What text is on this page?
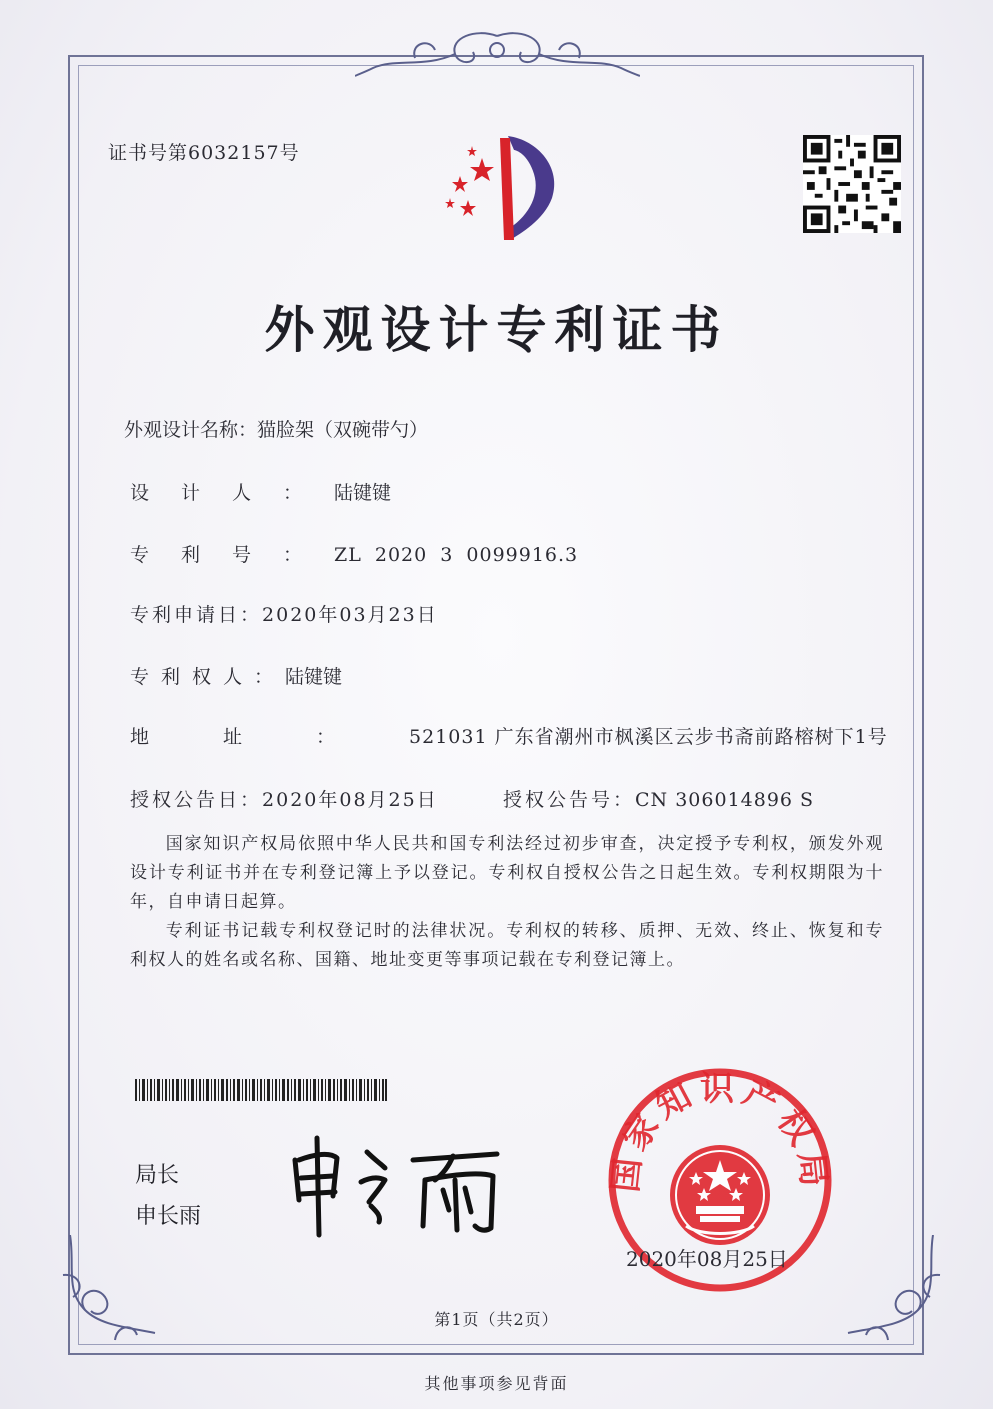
证书号第6032157号
外观设计专利证书
外观设计名称：猫脸架（双碗带勺）
设计人：陆键键
专利号：ZL 2020 3 0099916.3
专利申请日：2020年03月23日
专利权人：陆键键
地址：521031 广东省潮州市枫溪区云步书斋前路榕树下1号
授权公告日：2020年08月25日	授权公告号：CN 306014896 S
国家知识产权局依照中华人民共和国专利法经过初步审查，决定授予专利权，颁发外观设计专利证书并在专利登记簿上予以登记。专利权自授权公告之日起生效。专利权期限为十年，自申请日起算。
专利证书记载专利权登记时的法律状况。专利权的转移、质押、无效、终止、恢复和专利权人的姓名或名称、国籍、地址变更等事项记载在专利登记簿上。
局长
申长雨
国家知识产权局
2020年08月25日
第1页（共2页）
其他事项参见背面
